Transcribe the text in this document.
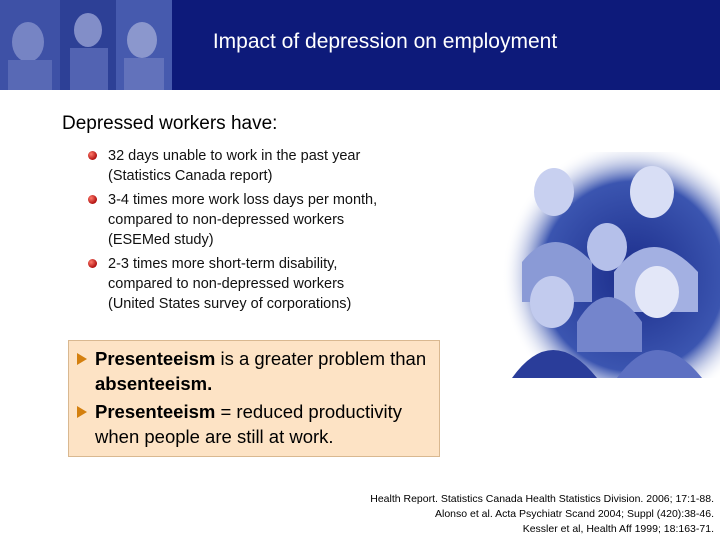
Impact of depression on employment
Depressed workers have:
32 days unable to work in the past year
(Statistics Canada report)
3-4 times more work loss days per month,
compared to non-depressed workers
(ESEMed study)
2-3 times more short-term disability,
compared to non-depressed workers
(United States survey of corporations)
Presenteeism is a greater problem than absenteeism.
Presenteeism = reduced productivity when people are still at work.
Health Report. Statistics Canada Health Statistics Division. 2006; 17:1-88.
Alonso et al. Acta Psychiatr Scand 2004; Suppl (420):38-46.
Kessler et al, Health Aff 1999; 18:163-71.
